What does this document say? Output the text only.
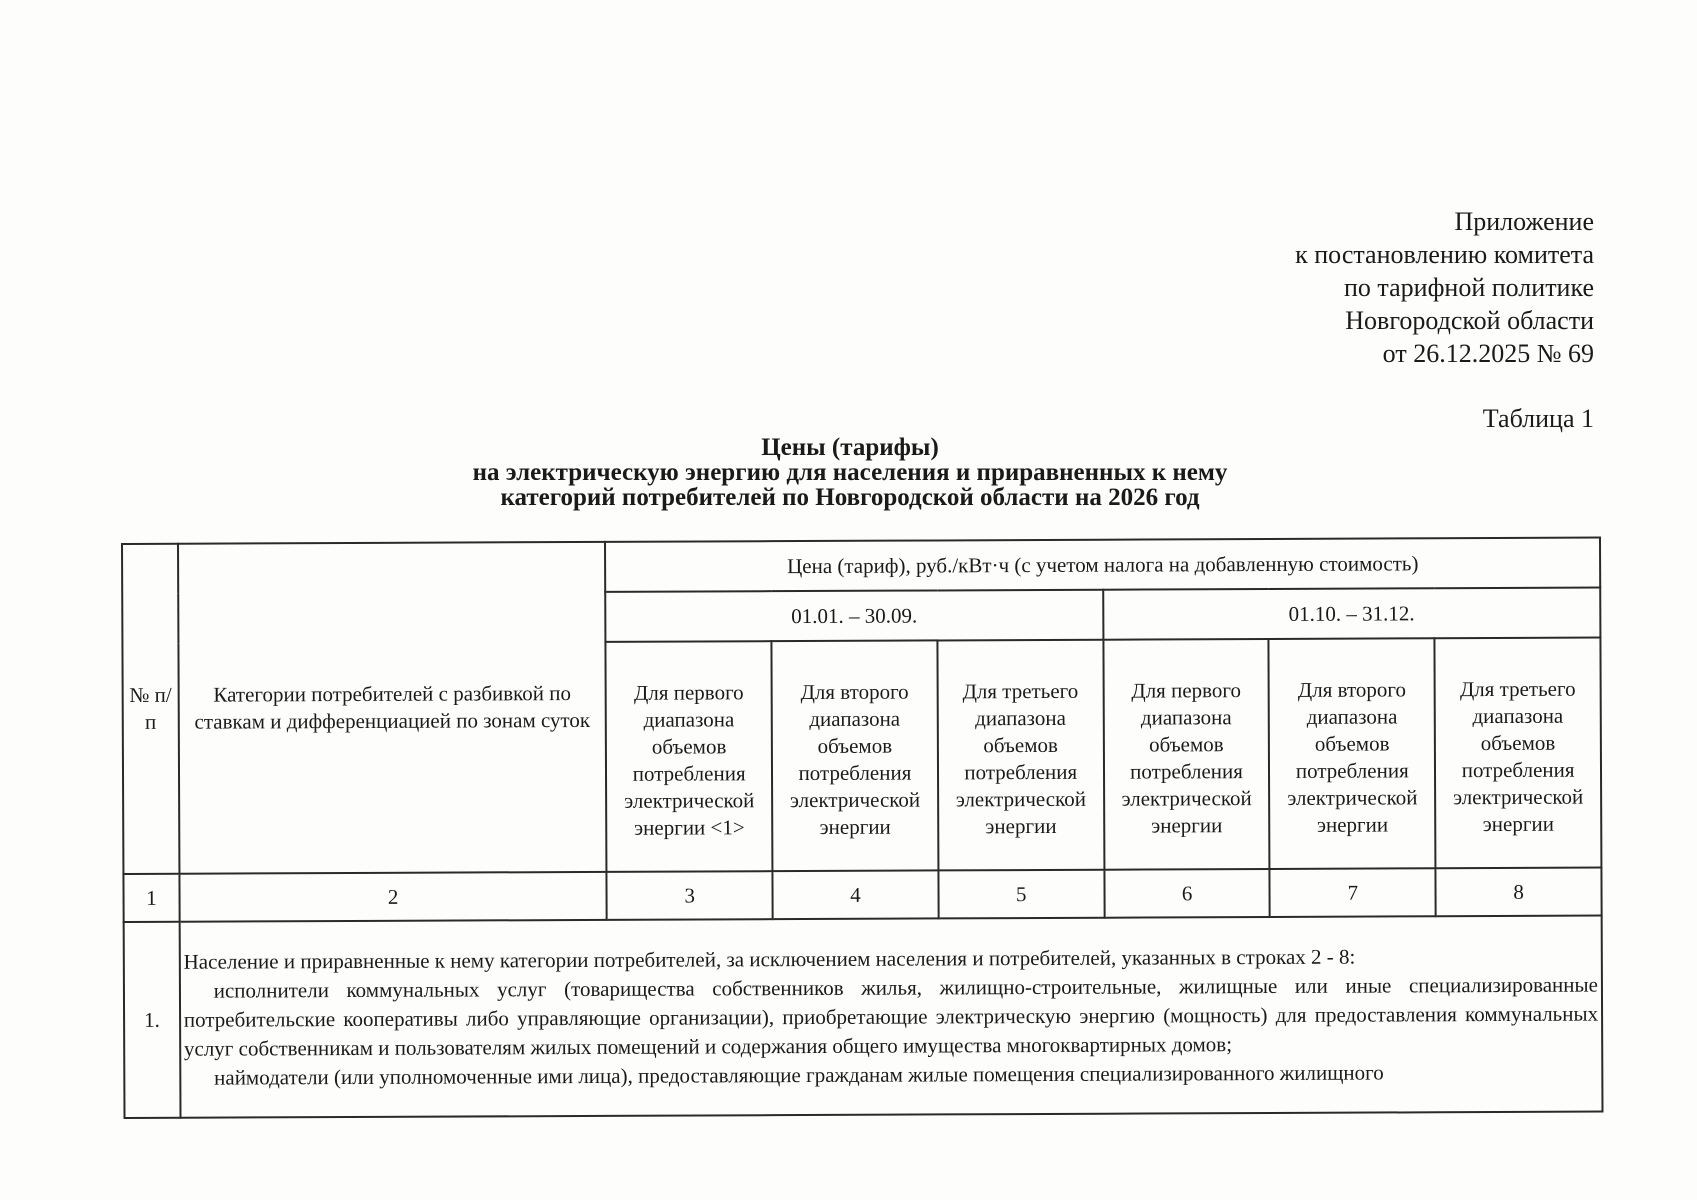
Приложение
к постановлению комитета
по тарифной политике
Новгородской области
от 26.12.2025 № 69
Таблица 1
Цены (тарифы)
на электрическую энергию для населения и приравненных к нему
категорий потребителей по Новгородской области на 2026 год
№ п/п	Категории потребителей с разбивкой по ставкам и дифференциацией по зонам суток	Цена (тариф), руб./кВт·ч (с учетом налога на добавленную стоимость)					
		01.01. – 30.09.			01.10. – 31.12.		
		Для первого диапазона объемов потребления электрической энергии <1>	Для второго диапазона объемов потребления электрической энергии	Для третьего диапазона объемов потребления электрической энергии	Для первого диапазона объемов потребления электрической энергии	Для второго диапазона объемов потребления электрической энергии	Для третьего диапазона объемов потребления электрической энергии
1	2	3	4	5	6	7	8
1.	Население и приравненные к нему категории потребителей, за исключением населения и потребителей, указанных в строках 2 - 8:

исполнители коммунальных услуг (товарищества собственников жилья, жилищно-строительные, жилищные или иные специализированные потребительские кооперативы либо управляющие организации), приобретающие электрическую энергию (мощность) для предоставления коммунальных услуг собственникам и пользователям жилых помещений и содержания общего имущества многоквартирных домов;

наймодатели (или уполномоченные ими лица), предоставляющие гражданам жилые помещения специализированного жилищного						
